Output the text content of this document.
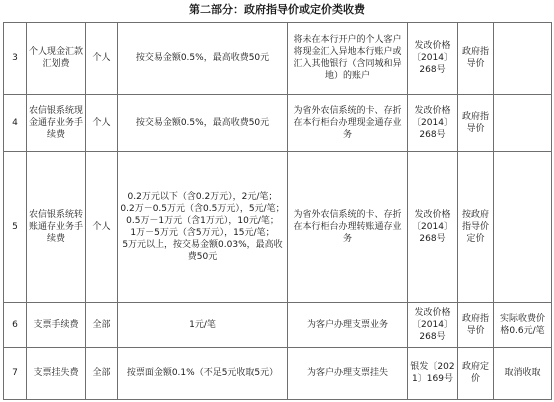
第二部分：政府指导价或定价类收费
3	个人现金汇款汇划费	个人	按交易金额0.5%，最高收费50元	将未在本行开户的个人客户将现金汇入异地本行账户或汇入其他银行（含同城和异地）的账户	发改价格〔2014〕268号	政府指导价	
4	农信银系统现金通存业务手续费	个人	按交易金额0.5%，最高收费50元	为省外农信系统的卡、存折在本行柜台办理现金通存业务	发改价格〔2014〕268号	政府指导价	
5	农信银系统转账通存业务手续费	个人	0.2万元以下（含0.2万元），2元/笔；
0.2万－0.5万元（含0.5万元），5元/笔；
0.5万－1万元（含1万元），10元/笔；
1万－5万元（含5万元），15元/笔；
5万元以上，按交易金额0.03%，最高收费50元	为省外农信系统的卡、存折在本行柜台办理转账通存业务	发改价格〔2014〕268号	按政府指导价定价	
6	支票手续费	全部	1元/笔	为客户办理支票业务	发改价格〔2014〕268号	政府指导价	实际收费价格0.6元/笔
7	支票挂失费	全部	按票面金额0.1%（不足5元收取5元）	为客户办理支票挂失	银发〔2021〕169号	政府定价	取消收取
